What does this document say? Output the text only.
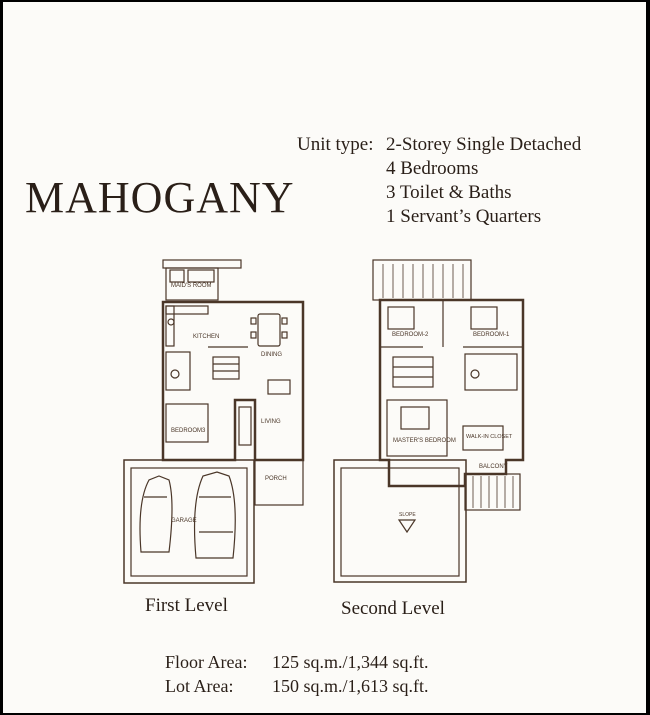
MAHOGANY
Unit type: 2-Storey Single Detached
4 Bedrooms
3 Toilet & Baths
1 Servant’s Quarters
MAID'S ROOM
KITCHEN
DINING
BEDROOM3
LIVING
PORCH
GARAGE
BEDROOM-2	BEDROOM-1
MASTER'S BEDROOM
WALK-IN CLOSET
BALCONY
SLOPE
First Level	Second Level
Floor Area: 125 sq.m./1,344 sq.ft.
Lot Area: 150 sq.m./1,613 sq.ft.
